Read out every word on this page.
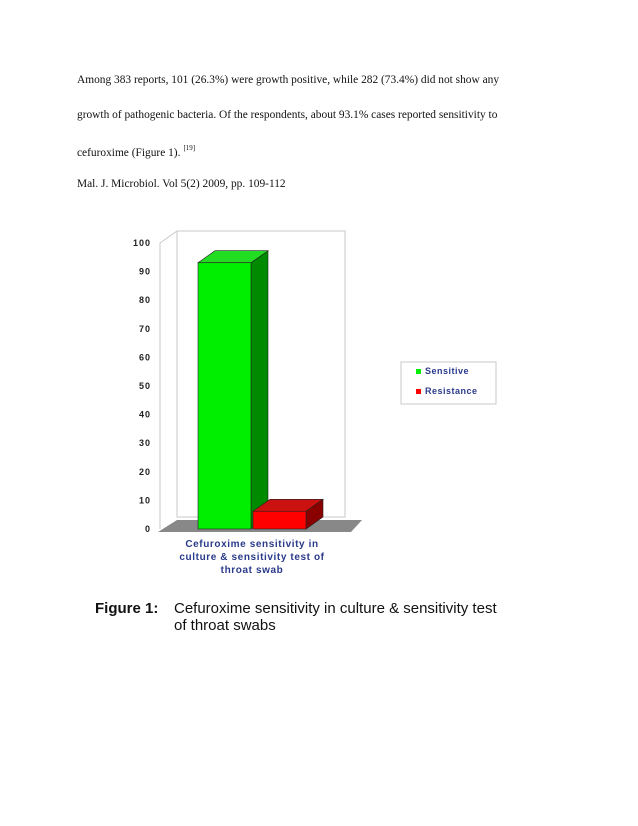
Among 383 reports, 101 (26.3%) were growth positive, while 282 (73.4%) did not show any
growth of pathogenic bacteria. Of the respondents, about 93.1% cases reported sensitivity to
cefuroxime (Figure 1). [19]
Mal. J. Microbiol. Vol 5(2) 2009, pp. 109-112
0
10
20
30
40
50
60
70
80
90
100
Cefuroxime sensitivity in
culture & sensitivity test of
throat swab
Sensitive
Resistance
Figure 1: Cefuroxime sensitivity in culture & sensitivity test of throat swabs
